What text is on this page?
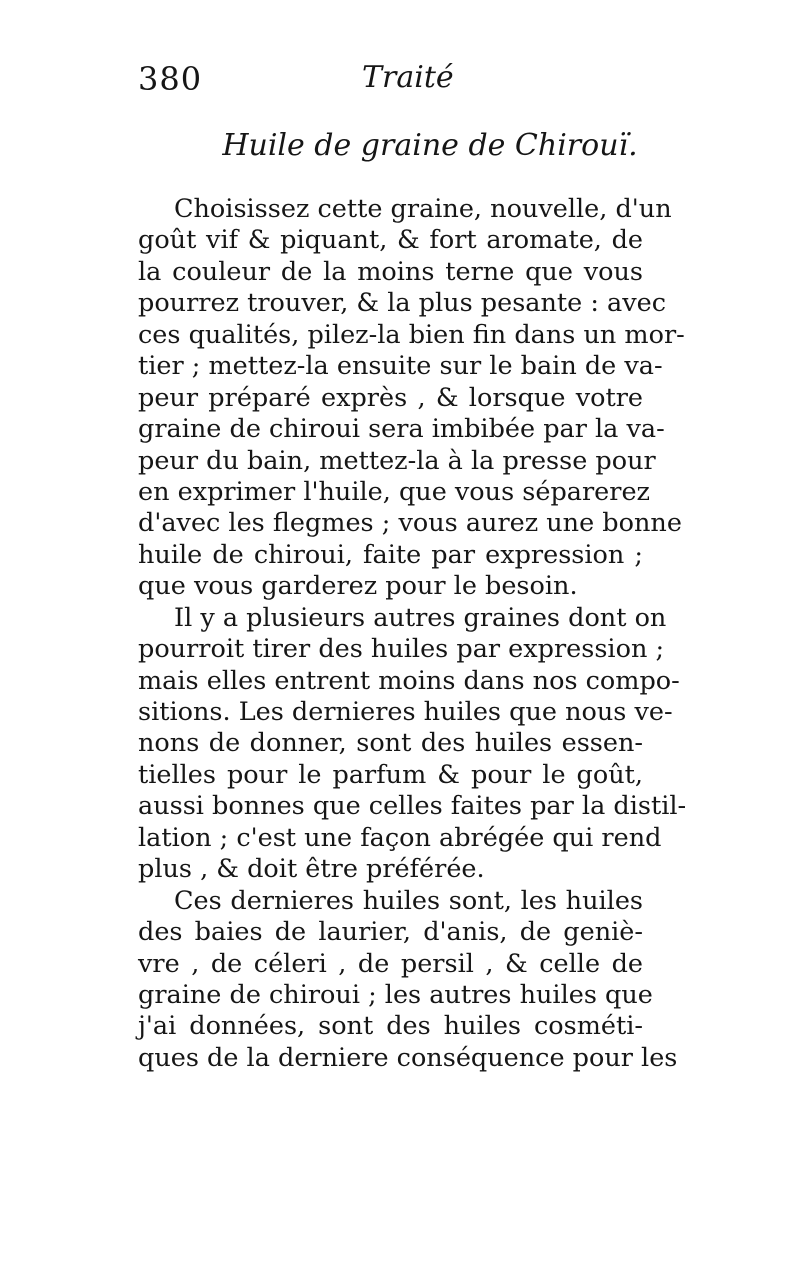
380	Traité
Huile de graine de Chirouï.
Choisissez cette graine, nouvelle, d'un
goût vif & piquant, & fort aromate, de
la couleur de la moins terne que vous
pourrez trouver, & la plus pesante : avec
ces qualités, pilez-la bien fin dans un mor-
tier ; mettez-la ensuite sur le bain de va-
peur préparé exprès , & lorsque votre
graine de chiroui sera imbibée par la va-
peur du bain, mettez-la à la presse pour
en exprimer l'huile, que vous séparerez
d'avec les flegmes ; vous aurez une bonne
huile de chiroui, faite par expression ;
que vous garderez pour le besoin.
Il y a plusieurs autres graines dont on
pourroit tirer des huiles par expression ;
mais elles entrent moins dans nos compo-
sitions. Les dernieres huiles que nous ve-
nons de donner, sont des huiles essen-
tielles pour le parfum & pour le goût,
aussi bonnes que celles faites par la distil-
lation ; c'est une façon abrégée qui rend
plus , & doit être préférée.
Ces dernieres huiles sont, les huiles
des baies de laurier, d'anis, de geniè-
vre , de céleri , de persil , & celle de
graine de chiroui ; les autres huiles que
j'ai données, sont des huiles cosméti-
ques de la derniere conséquence pour les
